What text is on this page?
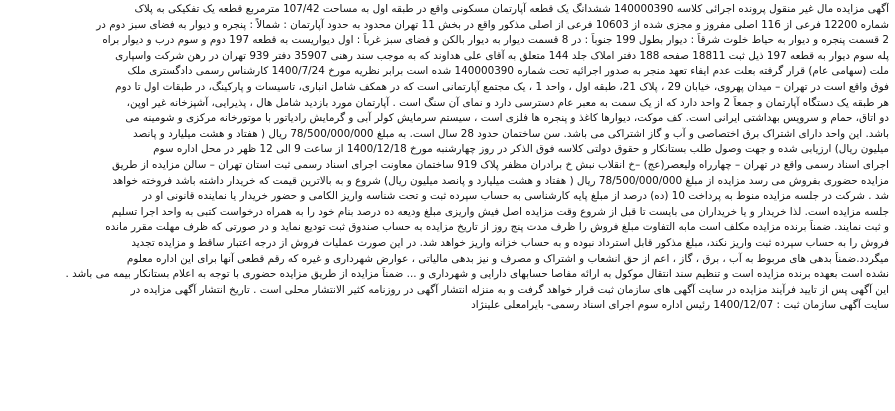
آگهی مزایده مال غیر منقول پرونده اجرائی کلاسه 140000390 ششدانگ یک قطعه آپارتمان مسکونی واقع در طبقه اول به مساحت 107/42 مترمربع قطعه یک تفکیکی به پلاک
شماره 12200 فرعی از 116 اصلی مفروز و مجزی شده از 10603 فرعی از اصلی مذکور واقع در بخش 11 تهران محدود به حدود آپارتمان : شمالاً : پنجره و دیوار به فضای سبز دوم در
2 قسمت پنجره و دیوار به حیاط خلوت شرقاً : دیوار بطول 199 جنوباً : در 8 قسمت دیوار به دیوار بالکن و فضای سبز غرباً : اول دیواریست به قطعه 197 دوم و سوم درب و دیوار براه
پله سوم دیوار به قطعه 197 ذیل ثبت 18811 صفحه 188 دفتر املاک جلد 144 متعلق به آقای علی هداوند که به موجب سند رهنی 35907 دفتر 939 تهران در رهن شرکت واسپاری
ملت (سهامی عام) قرار گرفته بعلت عدم ایفاء تعهد منجر به صدور اجرائیه تحت شماره 140000390 شده است برابر نظریه مورخ 1400/7/24 کارشناس رسمی دادگستری ملک
فوق واقع است در تهران – میدان پهروی، خیابان 29 ، پلاک 21، طبقه اول ، واحد 1 ، یک مجتمع آپارتمانی است که در همکف شامل انباری، تاسیسات و پارکینگ، در طبقات اول تا دوم
هر طبقه یک دستگاه آپارتمان و جمعاً 2 واحد دارد که از یک سمت به معبر عام دسترسی دارد و نمای آن سنگ است . آپارتمان مورد بازدید شامل هال ، پذیرایی، آشپزخانه غیر اوپن،
دو اتاق، حمام و سرویس بهداشتی ایرانی است. کف موکت، دیوارها کاغذ و پنجره ها فلزی است ، سیستم سرمایش کولر آبی و گرمایش رادیاتور با موتورخانه مرکزی و شومینه می
باشد. این واحد دارای اشتراک برق اختصاصی و آب و گاز اشتراکی می باشد. سن ساختمان حدود 28 سال است. به مبلغ 78/500/000/000 ریال ( هفتاد و هشت میلیارد و پانصد
میلیون ریال) ارزیابی شده و جهت وصول طلب بستانکار و حقوق دولتی کلاسه فوق الذکر در روز چهارشنبه مورخ 1400/12/18 از ساعت 9 الی 12 ظهر در محل اداره سوم
اجرای اسناد رسمی واقع در تهران – چهارراه ولیعصر(عج) –خ انقلاب نبش خ برادران مظفر پلاک 919 ساختمان معاونت اجرای اسناد رسمی ثبت استان تهران – سالن مزایده از طریق
مزایده حضوری بفروش می رسد مزایده از مبلغ 78/500/000/000 ریال ( هفتاد و هشت میلیارد و پانصد میلیون ریال) شروع و به بالاترین قیمت که خریدار داشته باشد فروخته خواهد
شد . شرکت در جلسه مزایده منوط به پرداخت 10 (ده) درصد از مبلغ پایه کارشناسی به حساب سپرده ثبت و تحت شناسه واریز الکامی و حضور خریدار یا نماینده قانونی او در
جلسه مزایده است. لذا خریدار و یا خریداران می بایست تا قبل از شروع وقت مزایده اصل فیش واریزی مبلغ ودیعه ده درصد بنام خود را به همراه درخواست کتبی به واحد اجرا تسلیم
و ثبت نمایند. ضمناً برنده مزایده مکلف است مابه التفاوت مبلغ فروش را ظرف مدت پنج روز از تاریخ مزایده به حساب صندوق ثبت تودیع نماید و در صورتی که ظرف مهلت مقرر مانده
فروش را به حساب سپرده ثبت واریز نکند، مبلغ مذکور قابل استرداد نبوده و به حساب خزانه واریز خواهد شد. در این صورت عملیات فروش از درجه اعتبار ساقط و مزایده تجدید
میگردد.ضمناً بدهی های مربوط به آب ، برق ، گاز ، اعم از حق انشعاب و اشتراک و مصرف و نیز بدهی مالیاتی ، عوارض شهرداری و غیره که رقم قطعی آنها برای این اداره معلوم
نشده است بعهده برنده مزایده است و تنظیم سند انتقال موکول به ارائه مفاصا حسابهای دارایی و شهرداری و ... ضمناً مزایده از طریق مزایده حضوری با توجه به اعلام بستانکار بیمه می باشد .
این آگهی پس از تایید فرآیند مزایده در سایت آگهی های سازمان ثبت قرار خواهد گرفت و به منزله انتشار آگهی در روزنامه کثیر الانتشار محلی است . تاریخ انتشار آگهی مزایده در
سایت آگهی سازمان ثبت : 1400/12/07 رئیس اداره سوم اجرای اسناد رسمی- بایرامعلی علینژاد
